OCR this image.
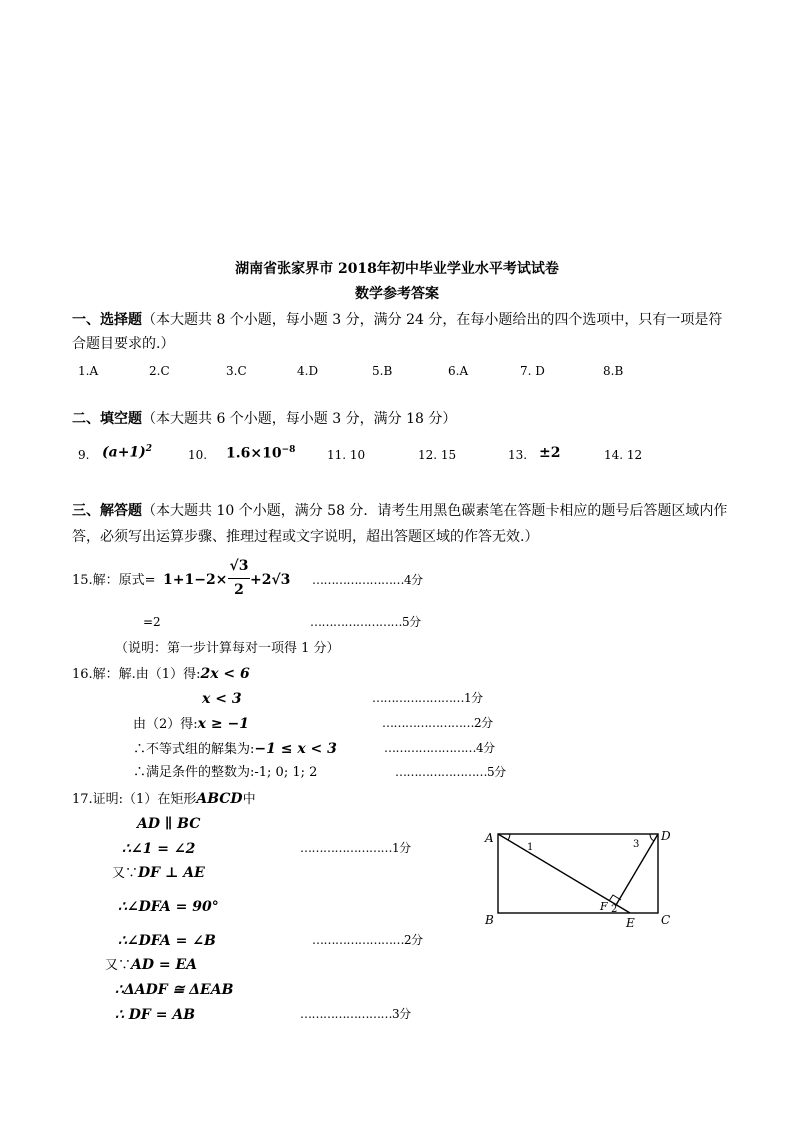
湖南省张家界市 2018年初中毕业学业水平考试试卷
数学参考答案
一、选择题（本大题共 8 个小题，每小题 3 分，满分 24 分，在每小题给出的四个选项中，只有一项是符
合题目要求的.）
1.A	2.C	3.C	4.D	5.B	6.A	7. D	8.B
二、填空题（本大题共 6 个小题，每小题 3 分，满分 18 分）
9. $(a+1)^2$	10. $1.6\times 10^{-8}$	11. 10	12. 15	13. ±2	14. 12
三、解答题（本大题共 10 个小题，满分 58 分．请考生用黑色碳素笔在答题卡相应的题号后答题区域内作
答，必须写出运算步骤、推理过程或文字说明，超出答题区域的作答无效.）
15.解：原式= 1+1−2×
√3
2
+2√3 ……………………4分
=2	……………………5分
（说明：第一步计算每对一项得 1 分）
16.解：解.由（1）得:2x < 6
x < 3	……………………1分
由（2）得:x ≥ −1	……………………2分
∴不等式组的解集为:−1 ≤ x < 3	……………………4分
∴满足条件的整数为:-1; 0; 1; 2	……………………5分
17.证明:（1）在矩形ABCD中
AD ∥ BC
∴∠1 = ∠2	……………………1分
又∵DF ⊥ AE
∴∠DFA = 90°
∴∠DFA = ∠B	……………………2分
又∵AD = EA
∴ΔADF ≅ ΔEAB
∴ DF = AB	……………………3分
A
B	C
D
E
F
1
2
3
